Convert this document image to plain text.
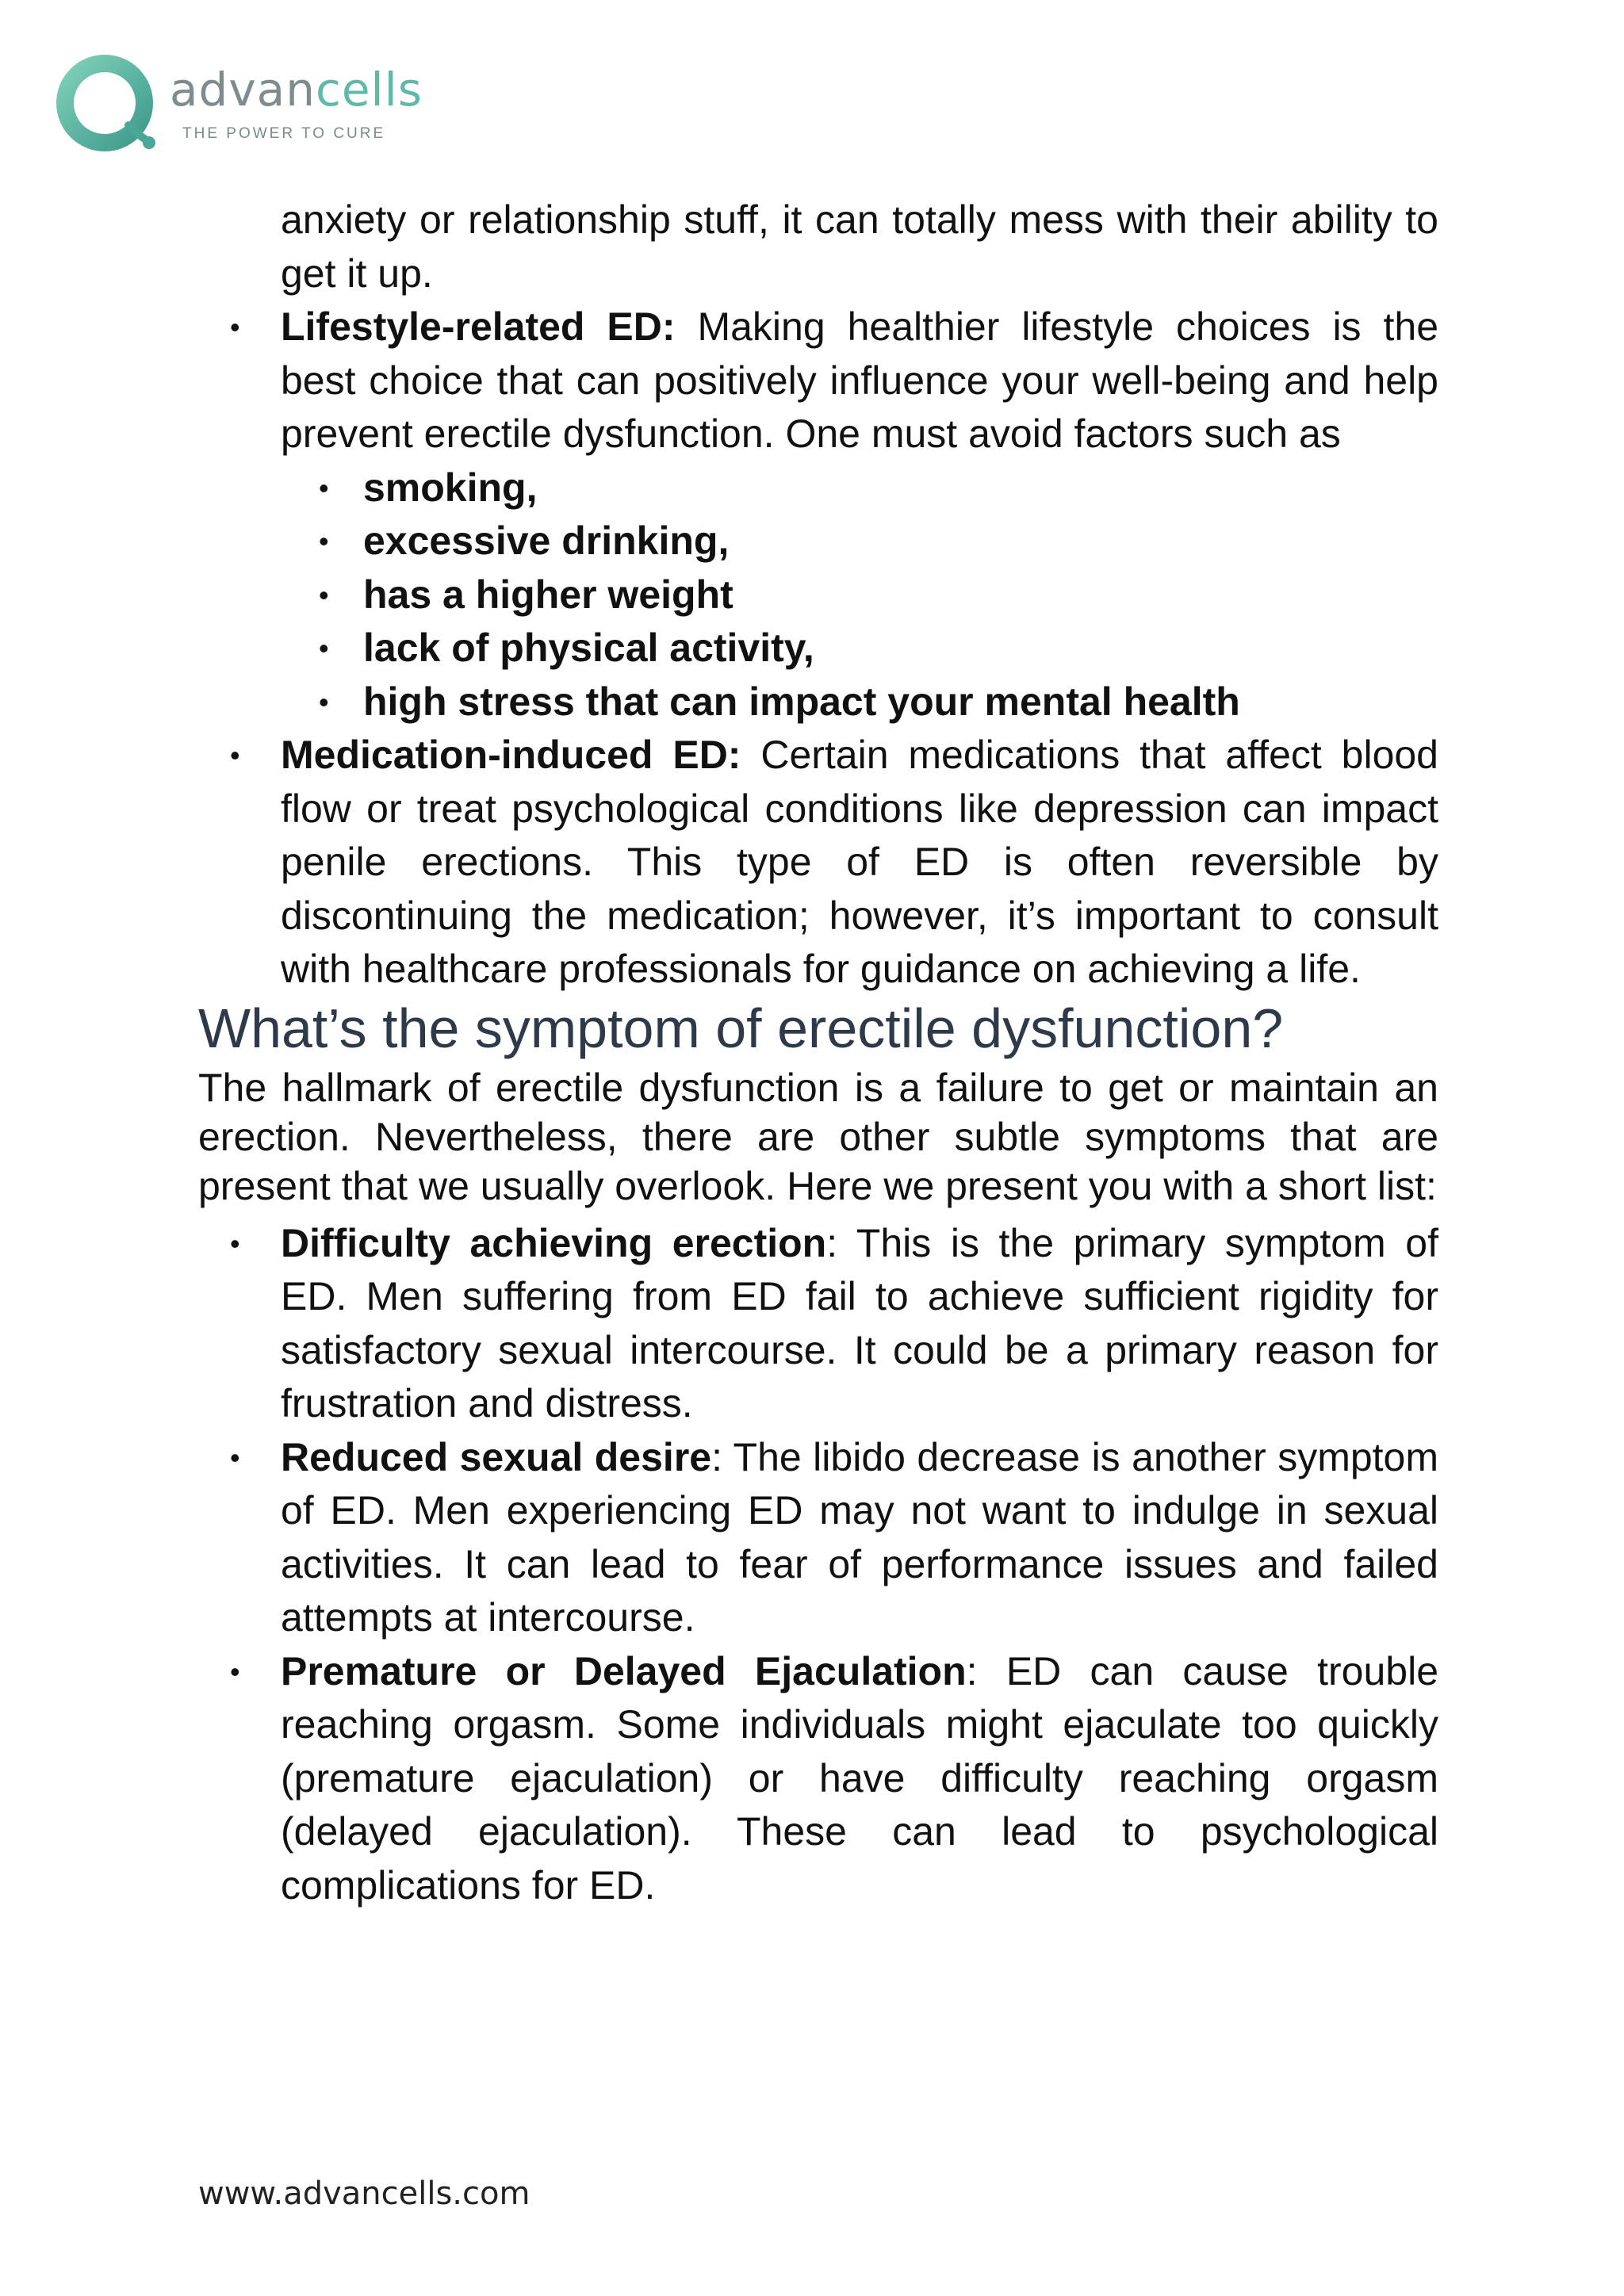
advancells
THE POWER TO CURE

anxiety or relationship stuff, it can totally mess with their ability to get it up.

• Lifestyle-related ED: Making healthier lifestyle choices is the best choice that can positively influence your well-being and help prevent erectile dysfunction. One must avoid factors such as
• smoking,
• excessive drinking,
• has a higher weight
• lack of physical activity,
• high stress that can impact your mental health
• Medication-induced ED: Certain medications that affect blood flow or treat psychological conditions like depression can impact penile erections. This type of ED is often reversible by discontinuing the medication; however, it’s important to consult with healthcare professionals for guidance on achieving a life.
What’s the symptom of erectile dysfunction?

The hallmark of erectile dysfunction is a failure to get or maintain an erection. Nevertheless, there are other subtle symptoms that are present that we usually overlook. Here we present you with a short list:

• Difficulty achieving erection: This is the primary symptom of ED. Men suffering from ED fail to achieve sufficient rigidity for satisfactory sexual intercourse. It could be a primary reason for frustration and distress.
• Reduced sexual desire: The libido decrease is another symptom of ED. Men experiencing ED may not want to indulge in sexual activities. It can lead to fear of performance issues and failed attempts at intercourse.
• Premature or Delayed Ejaculation: ED can cause trouble reaching orgasm. Some individuals might ejaculate too quickly (premature ejaculation) or have difficulty reaching orgasm (delayed ejaculation). These can lead to psychological complications for ED.
www.advancells.com
